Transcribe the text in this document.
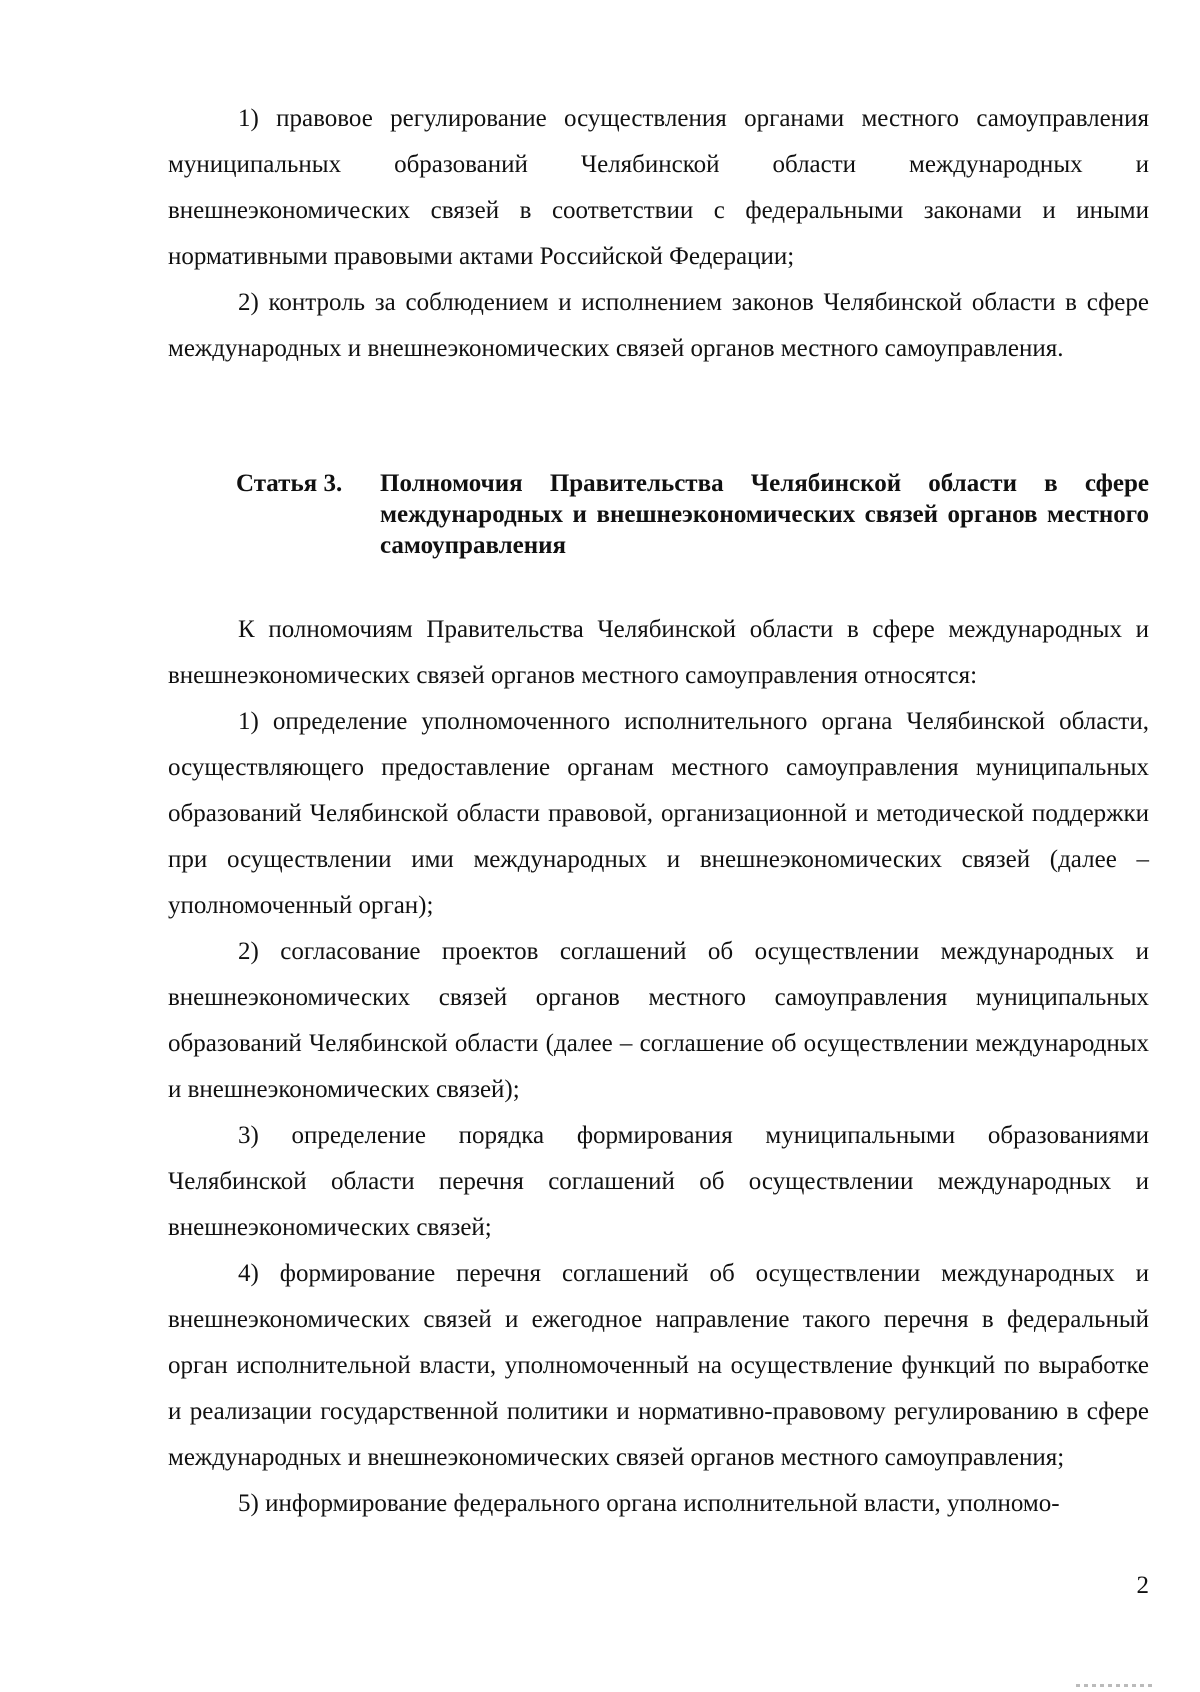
1) правовое регулирование осуществления органами местного самоуправления муниципальных образований Челябинской области международных и внешнеэкономических связей в соответствии с федеральными законами и иными нормативными правовыми актами Российской Федерации;

2) контроль за соблюдением и исполнением законов Челябинской области в сфере международных и внешнеэкономических связей органов местного самоуправления.

Статья 3.	Полномочия Правительства Челябинской области в сфере международных и внешнеэкономических связей органов местного самоуправления

К полномочиям Правительства Челябинской области в сфере международных и внешнеэкономических связей органов местного самоуправления относятся:

1) определение уполномоченного исполнительного органа Челябинской области, осуществляющего предоставление органам местного самоуправления муниципальных образований Челябинской области правовой, организационной и методической поддержки при осуществлении ими международных и внешнеэкономических связей (далее – уполномоченный орган);

2) согласование проектов соглашений об осуществлении международных и внешнеэкономических связей органов местного самоуправления муниципальных образований Челябинской области (далее – соглашение об осуществлении международных и внешнеэкономических связей);

3) определение порядка формирования муниципальными образованиями Челябинской области перечня соглашений об осуществлении международных и внешнеэкономических связей;

4) формирование перечня соглашений об осуществлении международных и внешнеэкономических связей и ежегодное направление такого перечня в федеральный орган исполнительной власти, уполномоченный на осуществление функций по выработке и реализации государственной политики и нормативно-правовому регулированию в сфере международных и внешнеэкономических связей органов местного самоуправления;

5) информирование федерального органа исполнительной власти, уполномо-

2
